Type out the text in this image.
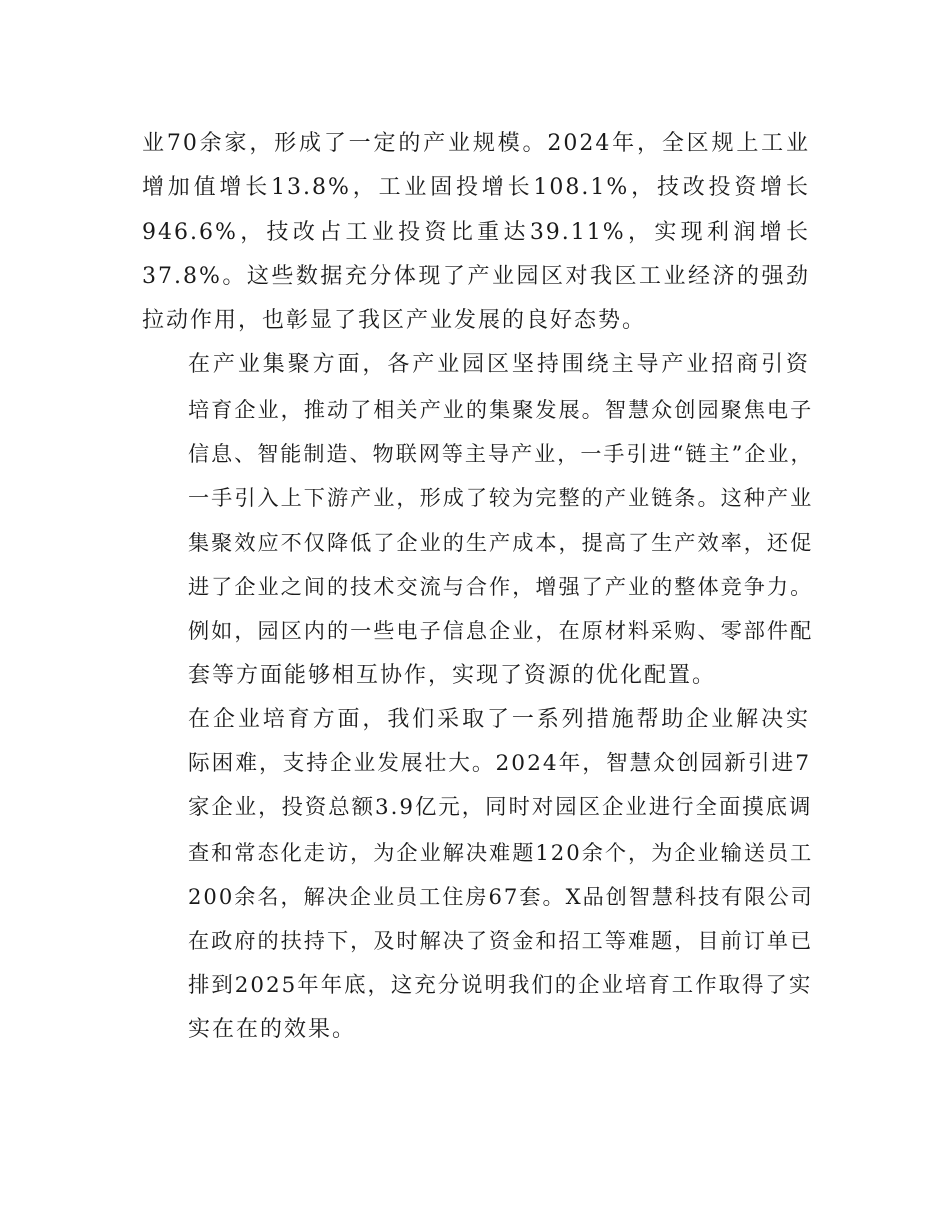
业70余家，形成了一定的产业规模。2024年，全区规上工业
增加值增长13.8%，工业固投增长108.1%，技改投资增长
946.6%，技改占工业投资比重达39.11%，实现利润增长
37.8%。这些数据充分体现了产业园区对我区工业经济的强劲
拉动作用，也彰显了我区产业发展的良好态势。

在产业集聚方面，各产业园区坚持围绕主导产业招商引资
培育企业，推动了相关产业的集聚发展。智慧众创园聚焦电子
信息、智能制造、物联网等主导产业，一手引进“链主”企业，
一手引入上下游产业，形成了较为完整的产业链条。这种产业
集聚效应不仅降低了企业的生产成本，提高了生产效率，还促
进了企业之间的技术交流与合作，增强了产业的整体竞争力。
例如，园区内的一些电子信息企业，在原材料采购、零部件配
套等方面能够相互协作，实现了资源的优化配置。

在企业培育方面，我们采取了一系列措施帮助企业解决实
际困难，支持企业发展壮大。2024年，智慧众创园新引进7
家企业，投资总额3.9亿元，同时对园区企业进行全面摸底调
查和常态化走访，为企业解决难题120余个，为企业输送员工
200余名，解决企业员工住房67套。X品创智慧科技有限公司
在政府的扶持下，及时解决了资金和招工等难题，目前订单已
排到2025年年底，这充分说明我们的企业培育工作取得了实
实在在的效果。
